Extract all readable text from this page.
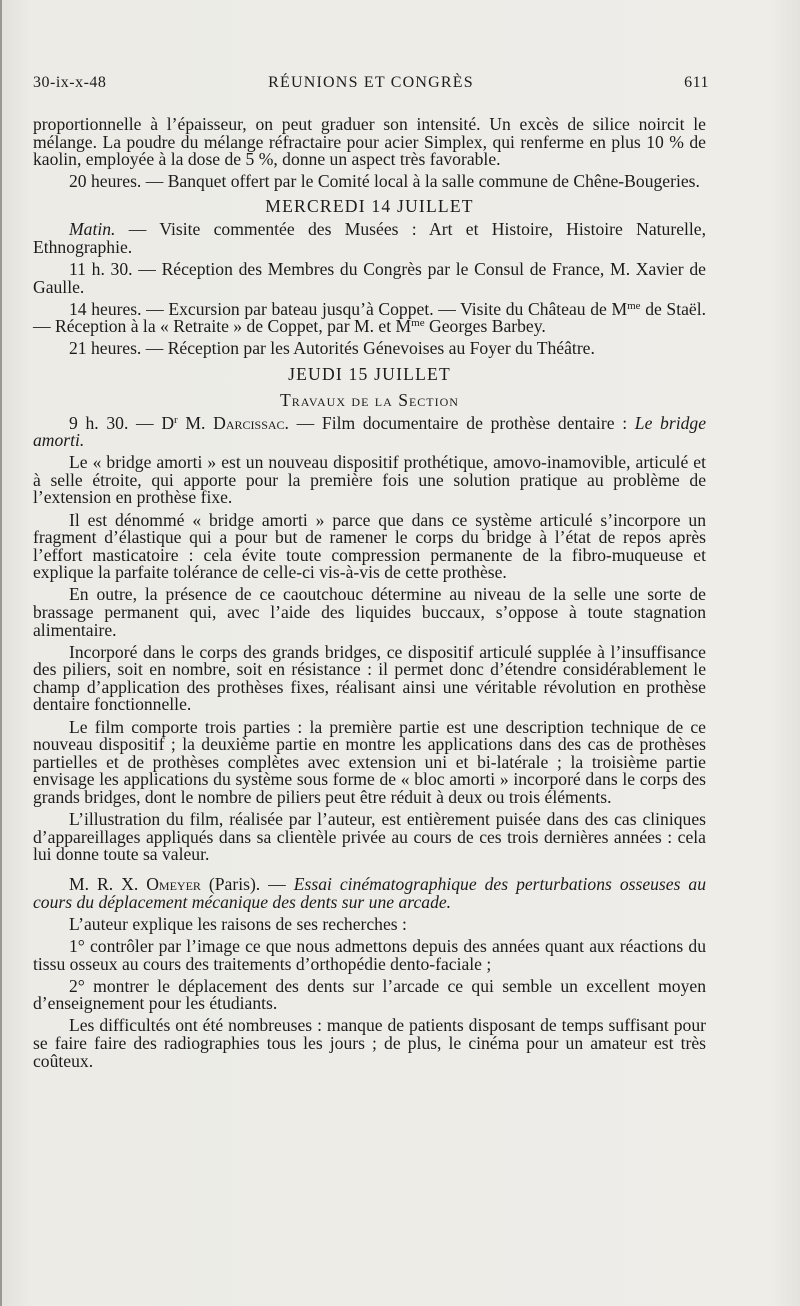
30-ix-x-48	RÉUNIONS ET CONGRÈS	611

proportionnelle à l’épaisseur, on peut graduer son intensité. Un excès de silice noircit le mélange. La poudre du mélange réfractaire pour acier Simplex, qui renferme en plus 10 % de kaolin, employée à la dose de 5 %, donne un aspect très favorable.

20 heures. — Banquet offert par le Comité local à la salle commune de Chêne-Bougeries.

MERCREDI 14 JUILLET

Matin. — Visite commentée des Musées : Art et Histoire, Histoire Naturelle, Ethnographie.

11 h. 30. — Réception des Membres du Congrès par le Consul de France, M. Xavier de Gaulle.

14 heures. — Excursion par bateau jusqu’à Coppet. — Visite du Château de $M^{me}$ de Staël. — Réception à la « Retraite » de Coppet, par M. et $M^{me}$ Georges Barbey.

21 heures. — Réception par les Autorités Génevoises au Foyer du Théâtre.

JEUDI 15 JUILLET
Travaux de la Section

9 h. 30. — $D^r$ M. Darcissac. — Film documentaire de prothèse dentaire : Le bridge amorti.

Le « bridge amorti » est un nouveau dispositif prothétique, amovo-inamovible, articulé et à selle étroite, qui apporte pour la première fois une solution pratique au problème de l’extension en prothèse fixe.

Il est dénommé « bridge amorti » parce que dans ce système articulé s’incorpore un fragment d’élastique qui a pour but de ramener le corps du bridge à l’état de repos après l’effort masticatoire : cela évite toute compression permanente de la fibro-muqueuse et explique la parfaite tolérance de celle-ci vis-à-vis de cette prothèse.

En outre, la présence de ce caoutchouc détermine au niveau de la selle une sorte de brassage permanent qui, avec l’aide des liquides buccaux, s’oppose à toute stagnation alimentaire.

Incorporé dans le corps des grands bridges, ce dispositif articulé supplée à l’insuffisance des piliers, soit en nombre, soit en résistance : il permet donc d’étendre considérablement le champ d’application des prothèses fixes, réalisant ainsi une véritable révolution en prothèse dentaire fonctionnelle.

Le film comporte trois parties : la première partie est une description technique de ce nouveau dispositif ; la deuxième partie en montre les applications dans des cas de prothèses partielles et de prothèses complètes avec extension uni et bi-latérale ; la troisième partie envisage les applications du système sous forme de « bloc amorti » incorporé dans le corps des grands bridges, dont le nombre de piliers peut être réduit à deux ou trois éléments.

L’illustration du film, réalisée par l’auteur, est entièrement puisée dans des cas cliniques d’appareillages appliqués dans sa clientèle privée au cours de ces trois dernières années : cela lui donne toute sa valeur.

M. R. X. Omeyer (Paris). — Essai cinématographique des perturbations osseuses au cours du déplacement mécanique des dents sur une arcade.

L’auteur explique les raisons de ses recherches :

1° contrôler par l’image ce que nous admettons depuis des années quant aux réactions du tissu osseux au cours des traitements d’orthopédie dento-faciale ;

2° montrer le déplacement des dents sur l’arcade ce qui semble un excellent moyen d’enseignement pour les étudiants.

Les difficultés ont été nombreuses : manque de patients disposant de temps suffisant pour se faire faire des radiographies tous les jours ; de plus, le cinéma pour un amateur est très coûteux.
